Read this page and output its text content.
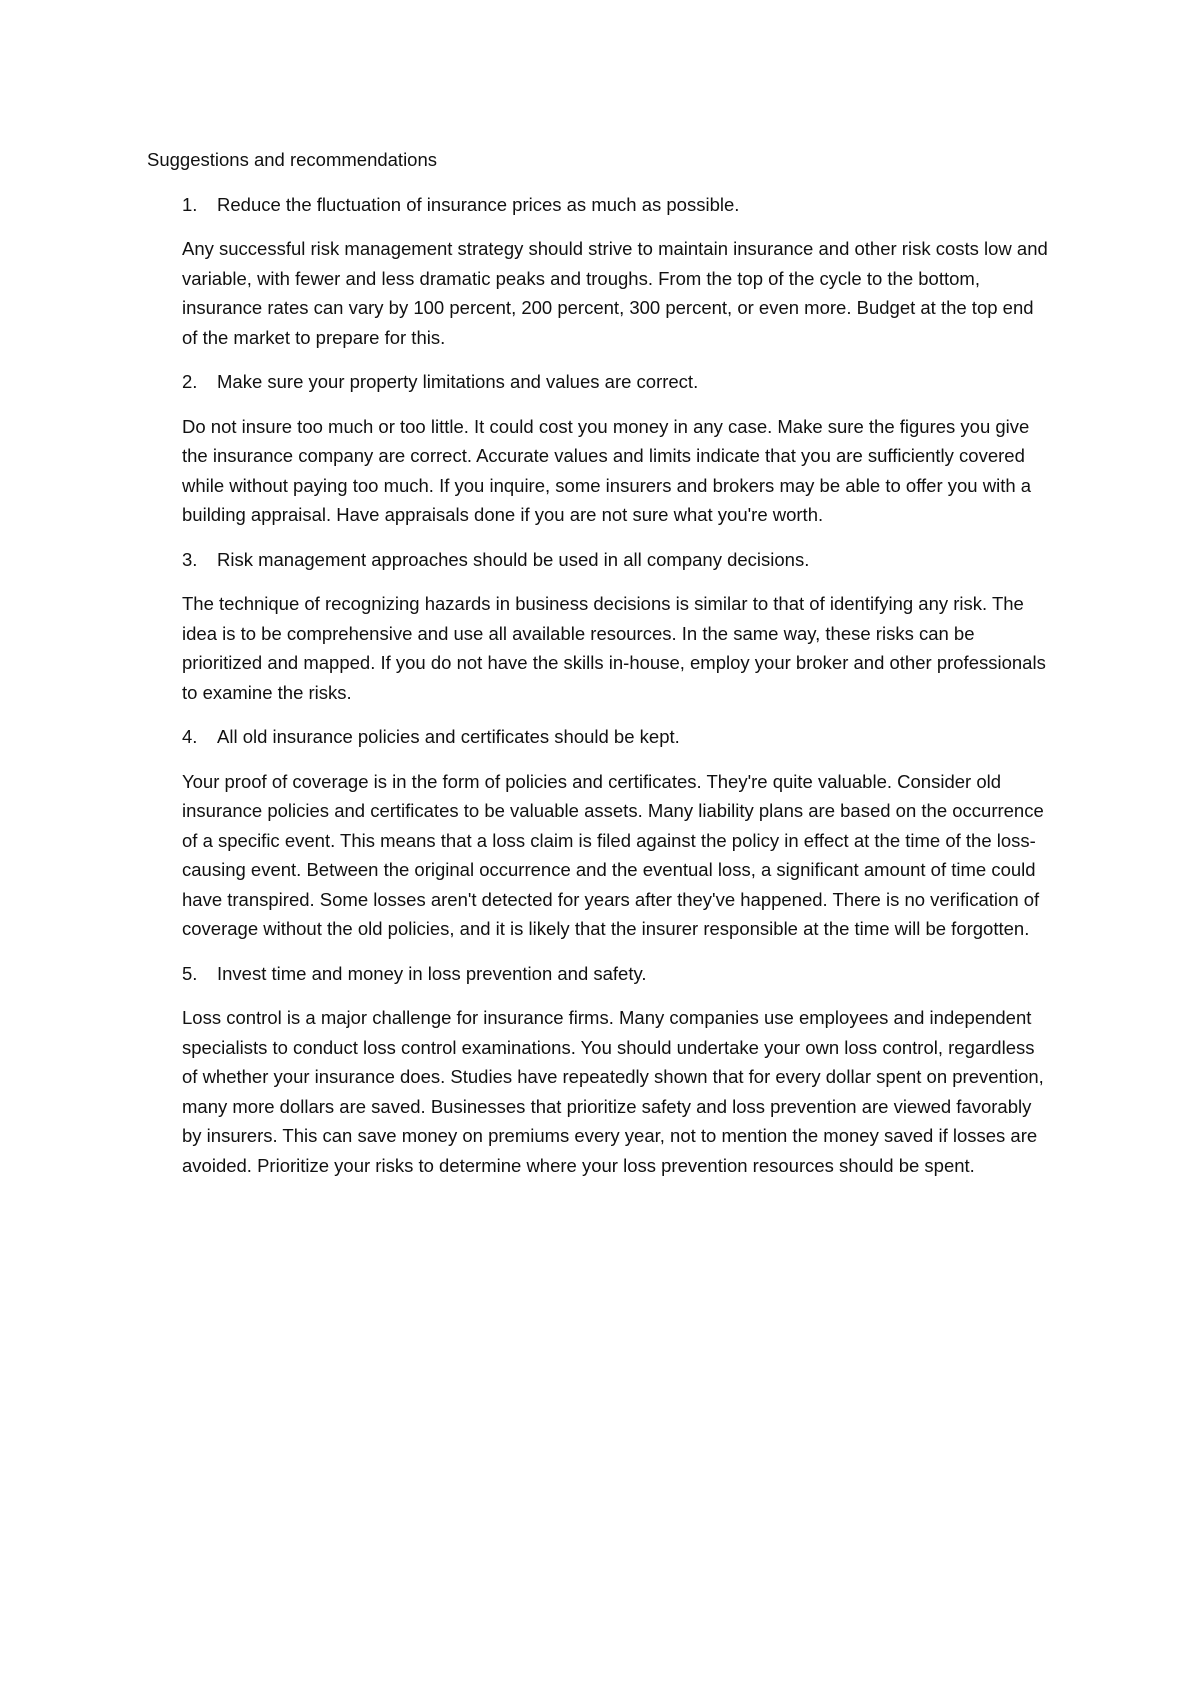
Suggestions and recommendations

1.	Reduce the fluctuation of insurance prices as much as possible.

Any successful risk management strategy should strive to maintain insurance and other risk costs low and variable, with fewer and less dramatic peaks and troughs. From the top of the cycle to the bottom, insurance rates can vary by 100 percent, 200 percent, 300 percent, or even more. Budget at the top end of the market to prepare for this.

2.	Make sure your property limitations and values are correct.

Do not insure too much or too little. It could cost you money in any case. Make sure the figures you give the insurance company are correct. Accurate values and limits indicate that you are sufficiently covered while without paying too much. If you inquire, some insurers and brokers may be able to offer you with a building appraisal. Have appraisals done if you are not sure what you're worth.

3.	Risk management approaches should be used in all company decisions.

The technique of recognizing hazards in business decisions is similar to that of identifying any risk. The idea is to be comprehensive and use all available resources. In the same way, these risks can be prioritized and mapped. If you do not have the skills in-house, employ your broker and other professionals to examine the risks.

4.	All old insurance policies and certificates should be kept.

Your proof of coverage is in the form of policies and certificates. They're quite valuable. Consider old insurance policies and certificates to be valuable assets. Many liability plans are based on the occurrence of a specific event. This means that a loss claim is filed against the policy in effect at the time of the loss-causing event. Between the original occurrence and the eventual loss, a significant amount of time could have transpired. Some losses aren't detected for years after they've happened. There is no verification of coverage without the old policies, and it is likely that the insurer responsible at the time will be forgotten.

5.	Invest time and money in loss prevention and safety.

Loss control is a major challenge for insurance firms. Many companies use employees and independent specialists to conduct loss control examinations. You should undertake your own loss control, regardless of whether your insurance does. Studies have repeatedly shown that for every dollar spent on prevention, many more dollars are saved. Businesses that prioritize safety and loss prevention are viewed favorably by insurers. This can save money on premiums every year, not to mention the money saved if losses are avoided. Prioritize your risks to determine where your loss prevention resources should be spent.
